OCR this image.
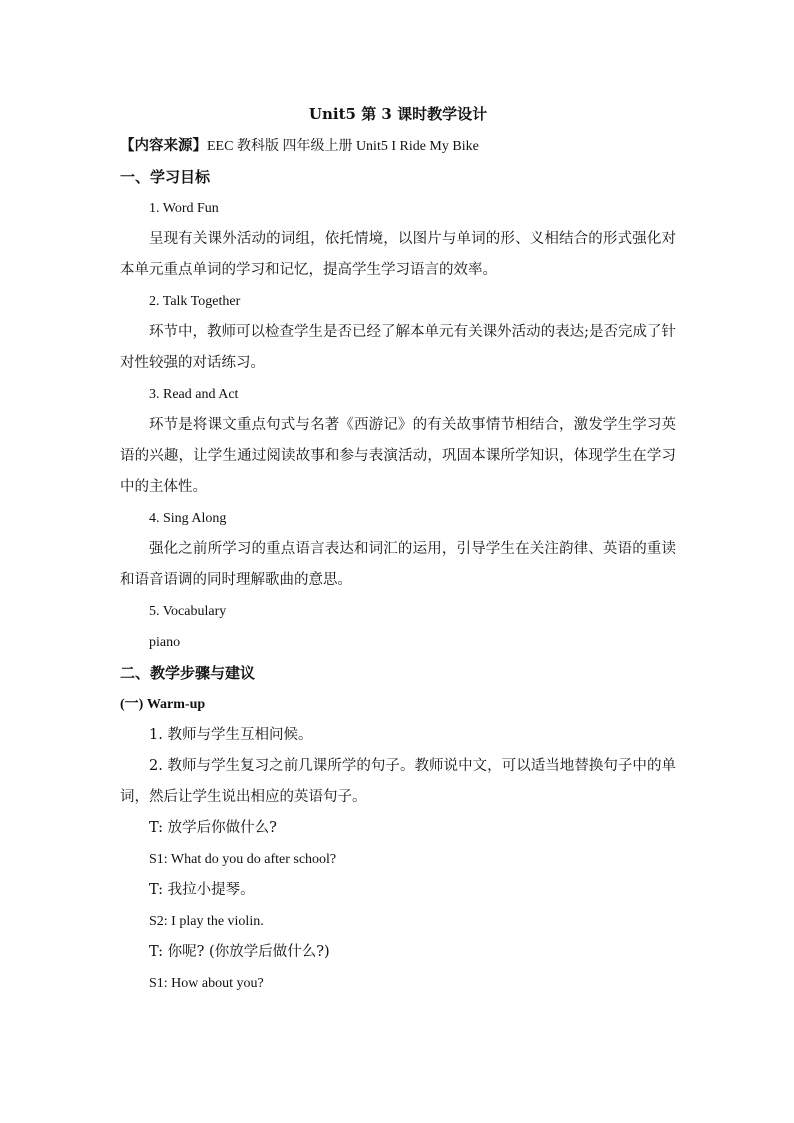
Unit5 第 3 课时教学设计
【内容来源】EEC 教科版 四年级上册 Unit5 I Ride My Bike
一、学习目标
1. Word Fun

呈现有关课外活动的词组，依托情境，以图片与单词的形、义相结合的形式强化对本单元重点单词的学习和记忆，提高学生学习语言的效率。

2. Talk Together

环节中，教师可以检查学生是否已经了解本单元有关课外活动的表达;是否完成了针对性较强的对话练习。

3. Read and Act

环节是将课文重点句式与名著《西游记》的有关故事情节相结合，激发学生学习英语的兴趣，让学生通过阅读故事和参与表演活动，巩固本课所学知识，体现学生在学习中的主体性。

4. Sing Along

强化之前所学习的重点语言表达和词汇的运用，引导学生在关注韵律、英语的重读和语音语调的同时理解歌曲的意思。

5. Vocabulary
piano
二、教学步骤与建议
(一) Warm-up
1. 教师与学生互相问候。

2. 教师与学生复习之前几课所学的句子。教师说中文，可以适当地替换句子中的单词，然后让学生说出相应的英语句子。

T: 放学后你做什么?
S1: What do you do after school?
T: 我拉小提琴。
S2: I play the violin.
T: 你呢? (你放学后做什么?)
S1: How about you?
